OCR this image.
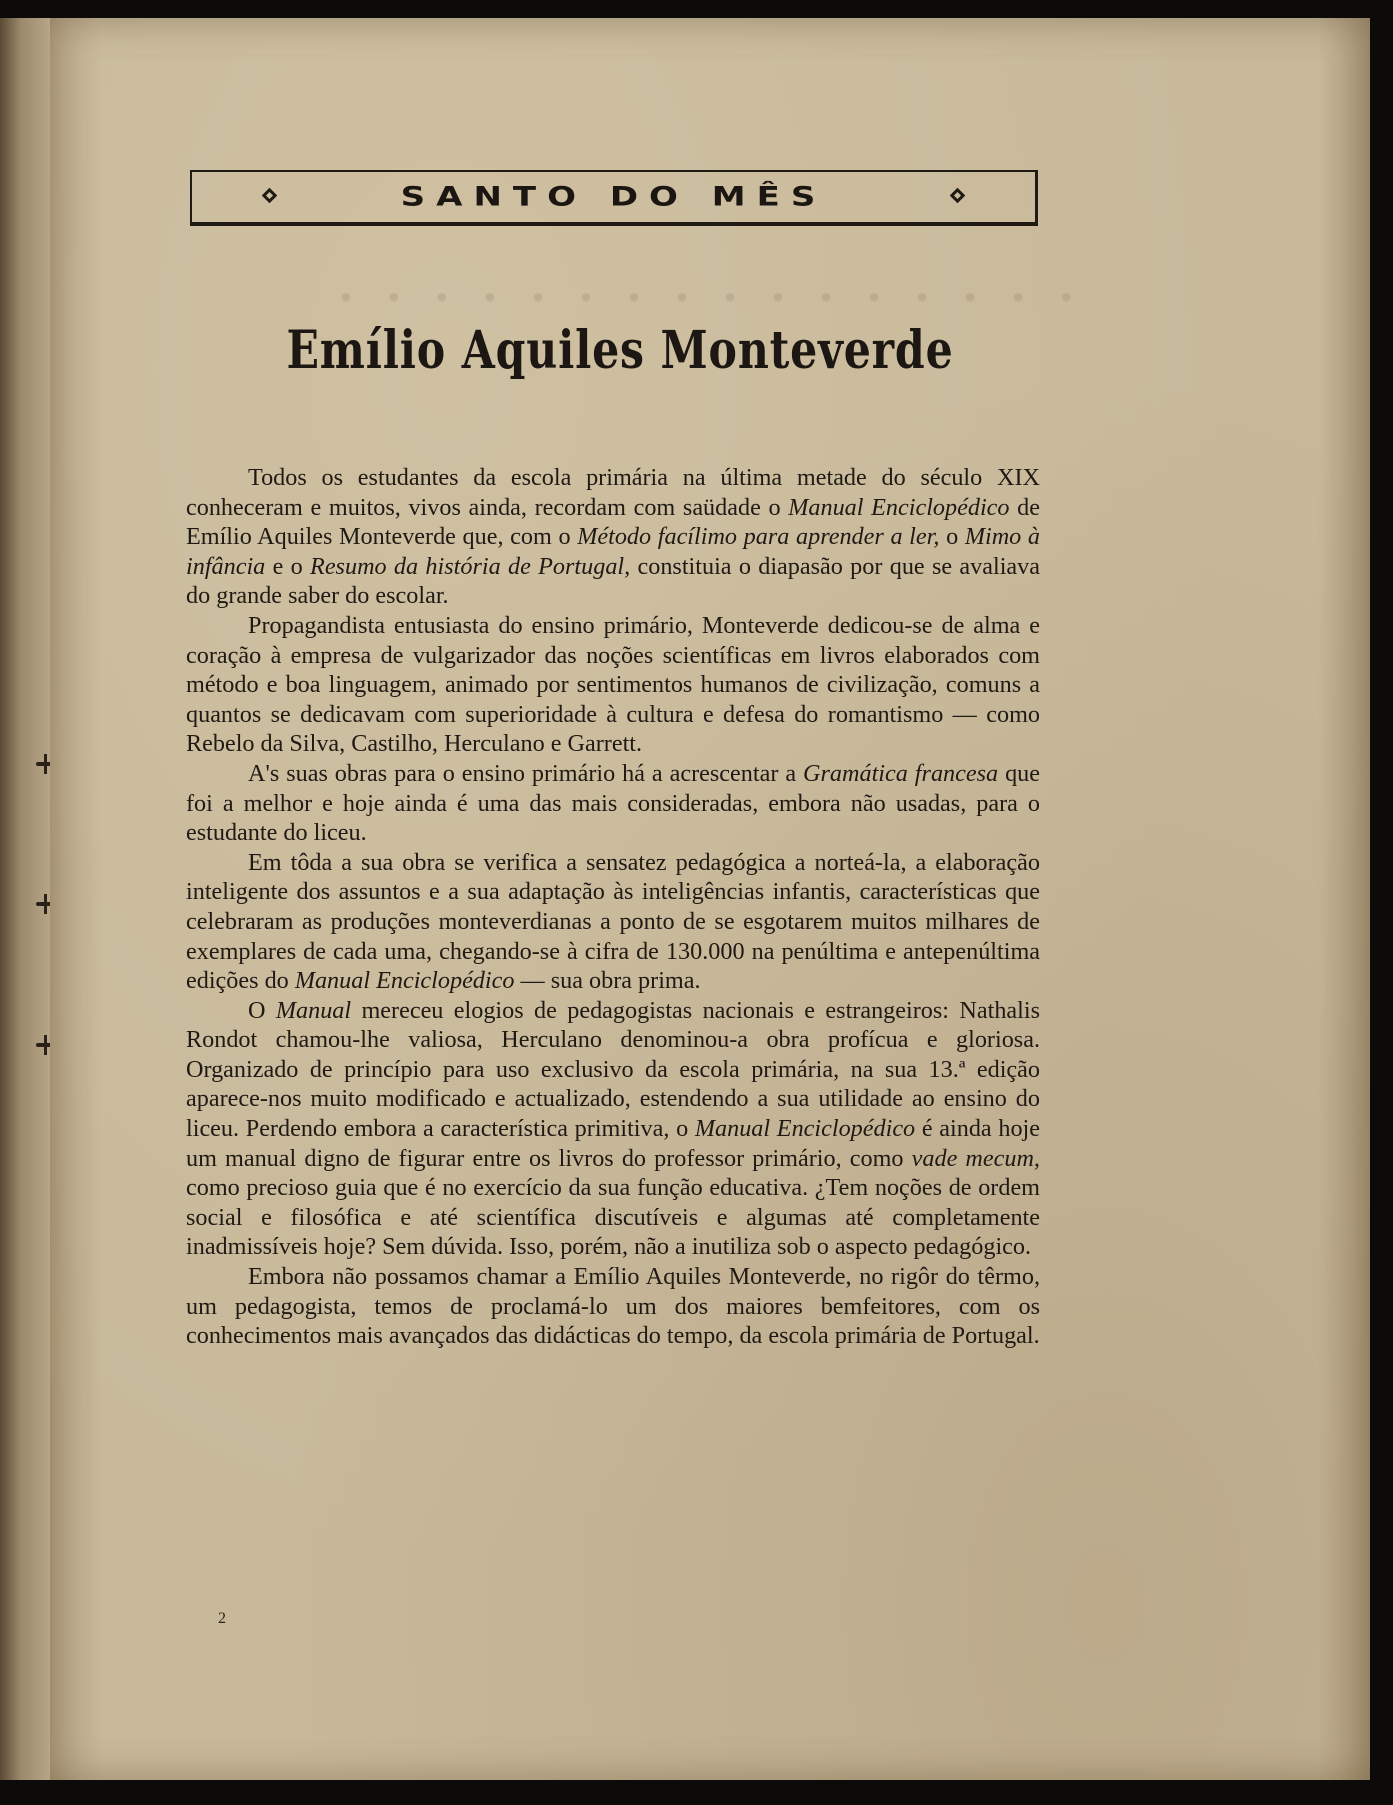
· · · · · · · · · · · · · · · ·
SANTO DO MÊS
Emílio Aquiles Monteverde

Todos os estudantes da escola primária na última metade do século XIX conheceram e muitos, vivos ainda, recordam com saüdade o Manual Enciclopédico de Emílio Aquiles Monteverde que, com o Método facílimo para aprender a ler, o Mimo à infância e o Resumo da história de Portugal, constituia o diapasão por que se avaliava do grande saber do escolar.

Propagandista entusiasta do ensino primário, Monteverde dedicou-se de alma e coração à empresa de vulgarizador das noções scientíficas em livros elaborados com método e boa linguagem, animado por sentimentos humanos de civilização, comuns a quantos se dedicavam com superioridade à cultura e defesa do romantismo — como Rebelo da Silva, Castilho, Herculano e Garrett.

A's suas obras para o ensino primário há a acrescentar a Gramática francesa que foi a melhor e hoje ainda é uma das mais consideradas, embora não usadas, para o estudante do liceu.

Em tôda a sua obra se verifica a sensatez pedagógica a norteá-la, a elaboração inteligente dos assuntos e a sua adaptação às inteligências infantis, características que celebraram as produções monteverdianas a ponto de se esgotarem muitos milhares de exemplares de cada uma, chegando-se à cifra de 130.000 na penúltima e antepenúltima edições do Manual Enciclopédico — sua obra prima.

O Manual mereceu elogios de pedagogistas nacionais e estrangeiros: Nathalis Rondot chamou-lhe valiosa, Herculano denominou-a obra profícua e gloriosa. Organizado de princípio para uso exclusivo da escola primária, na sua 13.ª edição aparece-nos muito modificado e actualizado, estendendo a sua utilidade ao ensino do liceu. Perdendo embora a característica primitiva, o Manual Enciclopédico é ainda hoje um manual digno de figurar entre os livros do professor primário, como vade mecum, como precioso guia que é no exercício da sua função educativa. ¿Tem noções de ordem social e filosófica e até scientífica discutíveis e algumas até completamente inadmissíveis hoje? Sem dúvida. Isso, porém, não a inutiliza sob o aspecto pedagógico.

Embora não possamos chamar a Emílio Aquiles Monteverde, no rigôr do têrmo, um pedagogista, temos de proclamá-lo um dos maiores bemfeitores, com os conhecimentos mais avançados das didácticas do tempo, da escola primária de Portugal.

2
